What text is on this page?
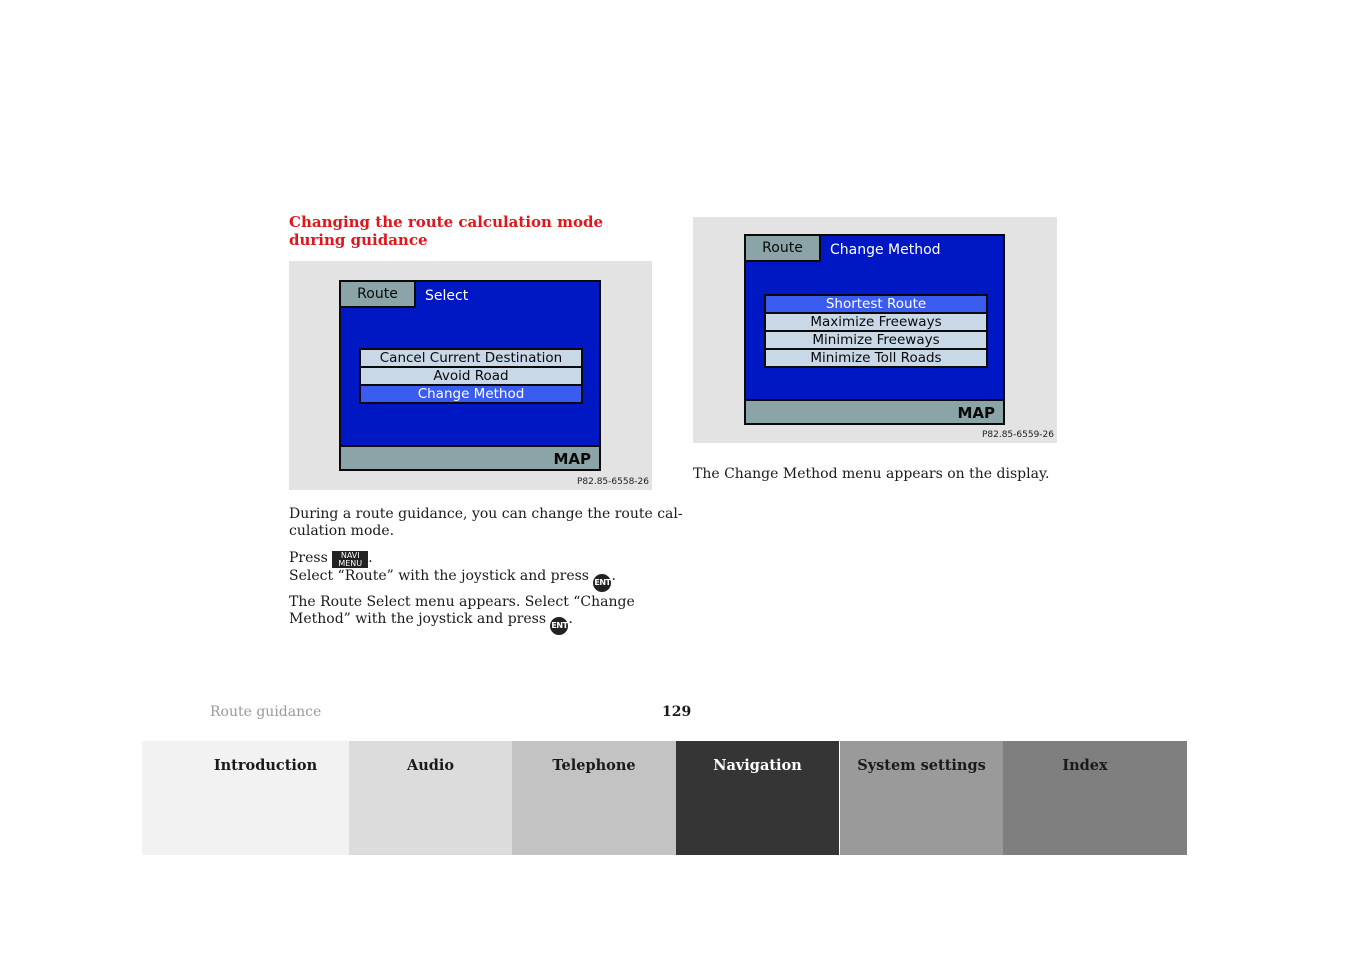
Changing the route calculation mode
during guidance
Route	Select
Cancel Current Destination
Avoid Road
Change Method
MAP
P82.85-6558-26
Route	Change Method
Shortest Route
Maximize Freeways
Minimize Freeways
Minimize Toll Roads
MAP
P82.85-6559-26
During a route guidance, you can change the route cal-
culation mode.
Press	NAVI
MENU .
Select “Route” with the joystick and press ENT.
The Route Select menu appears. Select “Change
Method” with the joystick and press ENT.
The Change Method menu appears on the display.
Route guidance	129
Introduction	Audio	Telephone	Navigation	System settings	Index
